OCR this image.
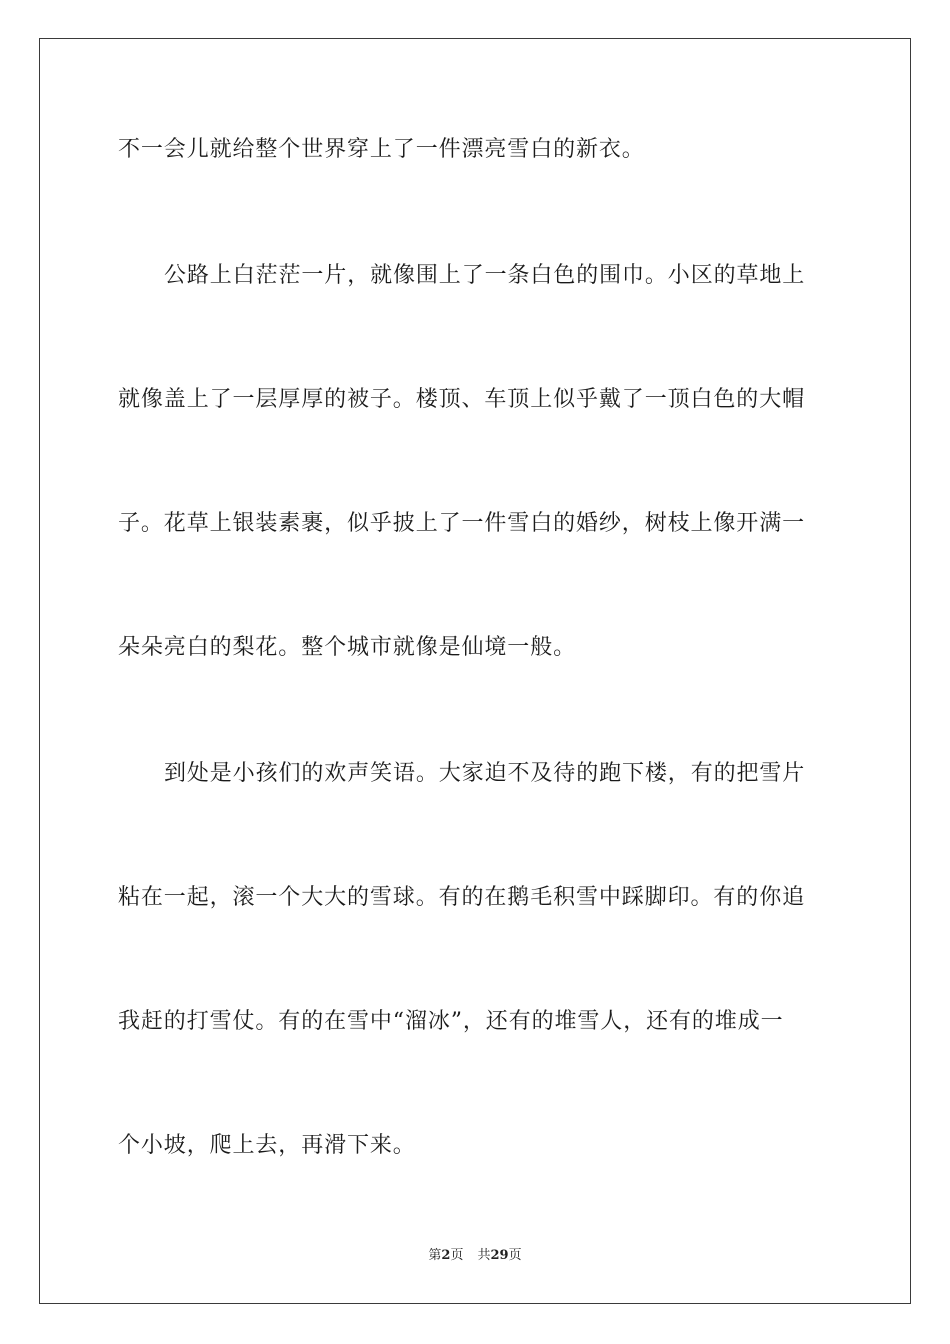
不一会儿就给整个世界穿上了一件漂亮雪白的新衣。
公路上白茫茫一片，就像围上了一条白色的围巾。小区的草地上
就像盖上了一层厚厚的被子。楼顶、车顶上似乎戴了一顶白色的大帽
子。花草上银装素裹，似乎披上了一件雪白的婚纱，树枝上像开满一
朵朵亮白的梨花。整个城市就像是仙境一般。
到处是小孩们的欢声笑语。大家迫不及待的跑下楼，有的把雪片
粘在一起，滚一个大大的雪球。有的在鹅毛积雪中踩脚印。有的你追
我赶的打雪仗。有的在雪中“溜冰”，还有的堆雪人，还有的堆成一
个小坡，爬上去，再滑下来。
第2页 共29页
